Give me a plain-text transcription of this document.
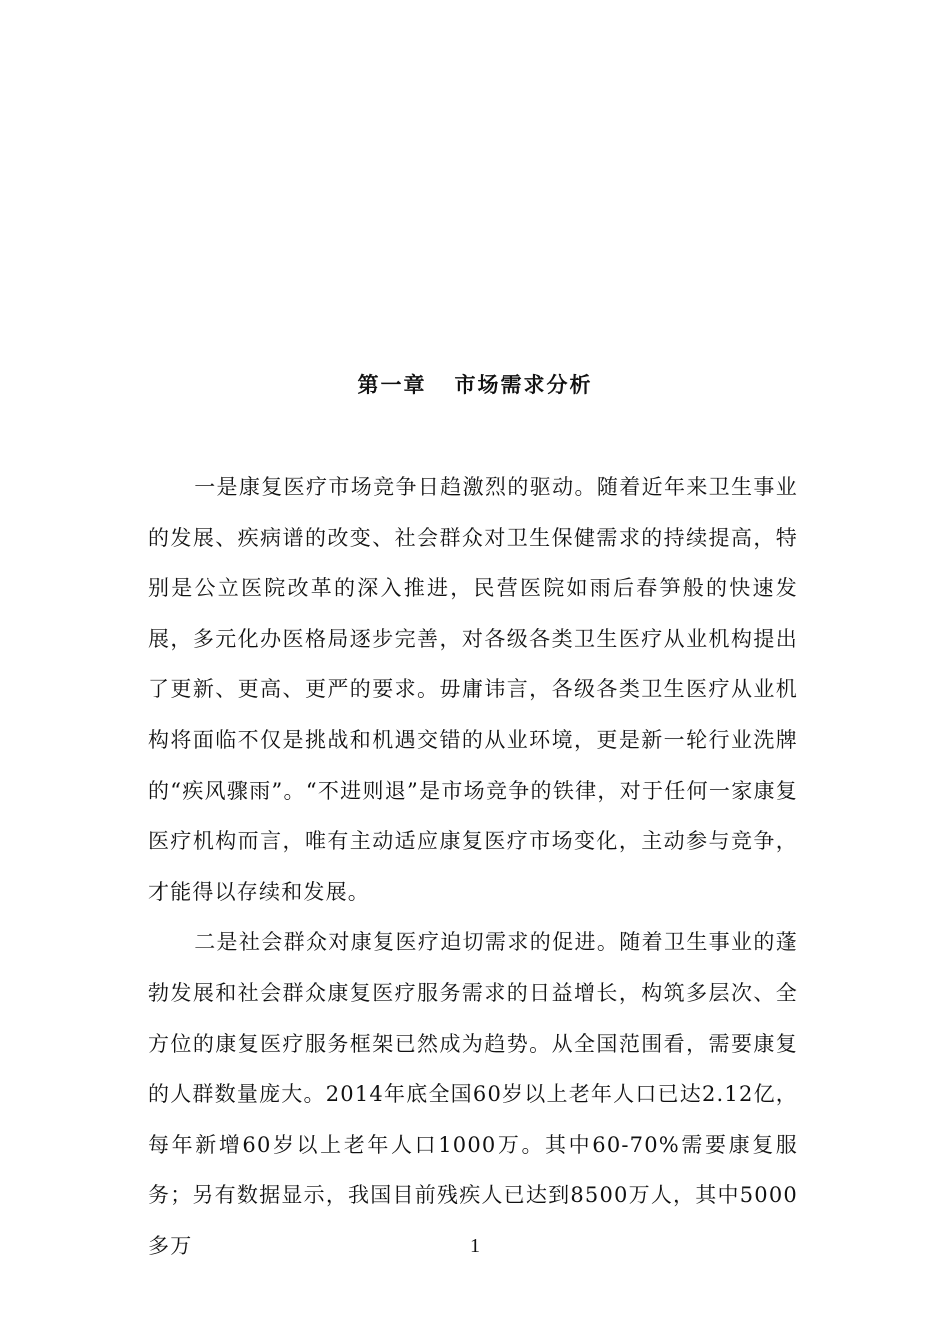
第一章   市场需求分析

一是康复医疗市场竞争日趋激烈的驱动。随着近年来卫生事业的发展、疾病谱的改变、社会群众对卫生保健需求的持续提高，特别是公立医院改革的深入推进，民营医院如雨后春笋般的快速发展，多元化办医格局逐步完善，对各级各类卫生医疗从业机构提出了更新、更高、更严的要求。毋庸讳言，各级各类卫生医疗从业机构将面临不仅是挑战和机遇交错的从业环境，更是新一轮行业洗牌的“疾风骤雨”。“不进则退”是市场竞争的铁律，对于任何一家康复医疗机构而言，唯有主动适应康复医疗市场变化，主动参与竞争，才能得以存续和发展。

二是社会群众对康复医疗迫切需求的促进。随着卫生事业的蓬勃发展和社会群众康复医疗服务需求的日益增长，构筑多层次、全方位的康复医疗服务框架已然成为趋势。从全国范围看，需要康复的人群数量庞大。2014年底全国60岁以上老年人口已达2.12亿，每年新增60岁以上老年人口1000万。其中60-70%需要康复服务；另有数据显示，我国目前残疾人已达到8500万人，其中5000多万	1
